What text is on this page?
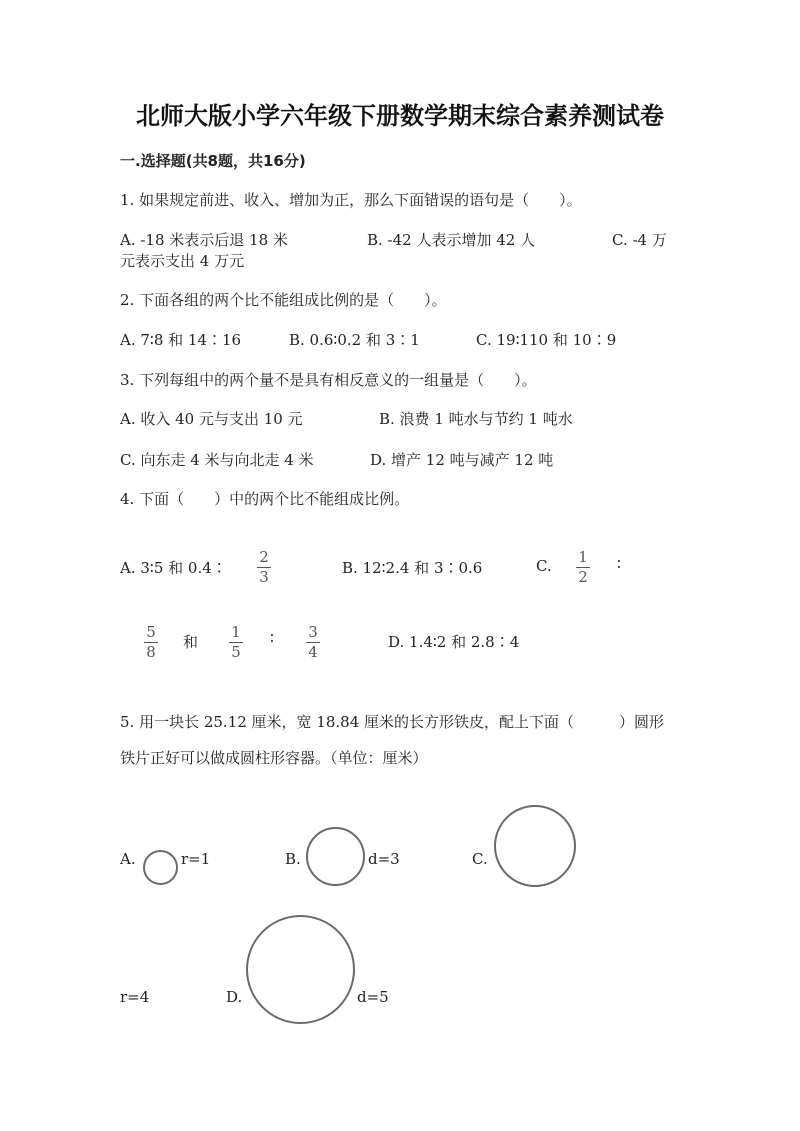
北师大版小学六年级下册数学期末综合素养测试卷
一.选择题(共8题，共16分)
1. 如果规定前进、收入、增加为正，那么下面错误的语句是（　　）。
A. -18 米表示后退 18 米	B. -42 人表示增加 42 人	C. -4 万
元表示支出 4 万元
2. 下面各组的两个比不能组成比例的是（　　）。
A. 7∶8 和 14∶16	B. 0.6∶0.2 和 3∶1	C. 19∶110 和 10∶9
3. 下列每组中的两个量不是具有相反意义的一组量是（　　）。
A. 收入 40 元与支出 10 元	B. 浪费 1 吨水与节约 1 吨水
C. 向东走 4 米与向北走 4 米	D. 增产 12 吨与减产 12 吨
4. 下面（　　）中的两个比不能组成比例。
A. 3∶5 和 0.4∶
2
3	B. 12∶2.4 和 3∶0.6	C. 1
2
∶
5
8
和
1
5
∶ 3
4
D. 1.4∶2 和 2.8∶4
5. 用一块长 25.12 厘米，宽 18.84 厘米的长方形铁皮，配上下面（　　　）圆形
铁片正好可以做成圆柱形容器。（单位：厘米）
A.	r=1	B.	d=3	C.
r=4	D.	d=5
